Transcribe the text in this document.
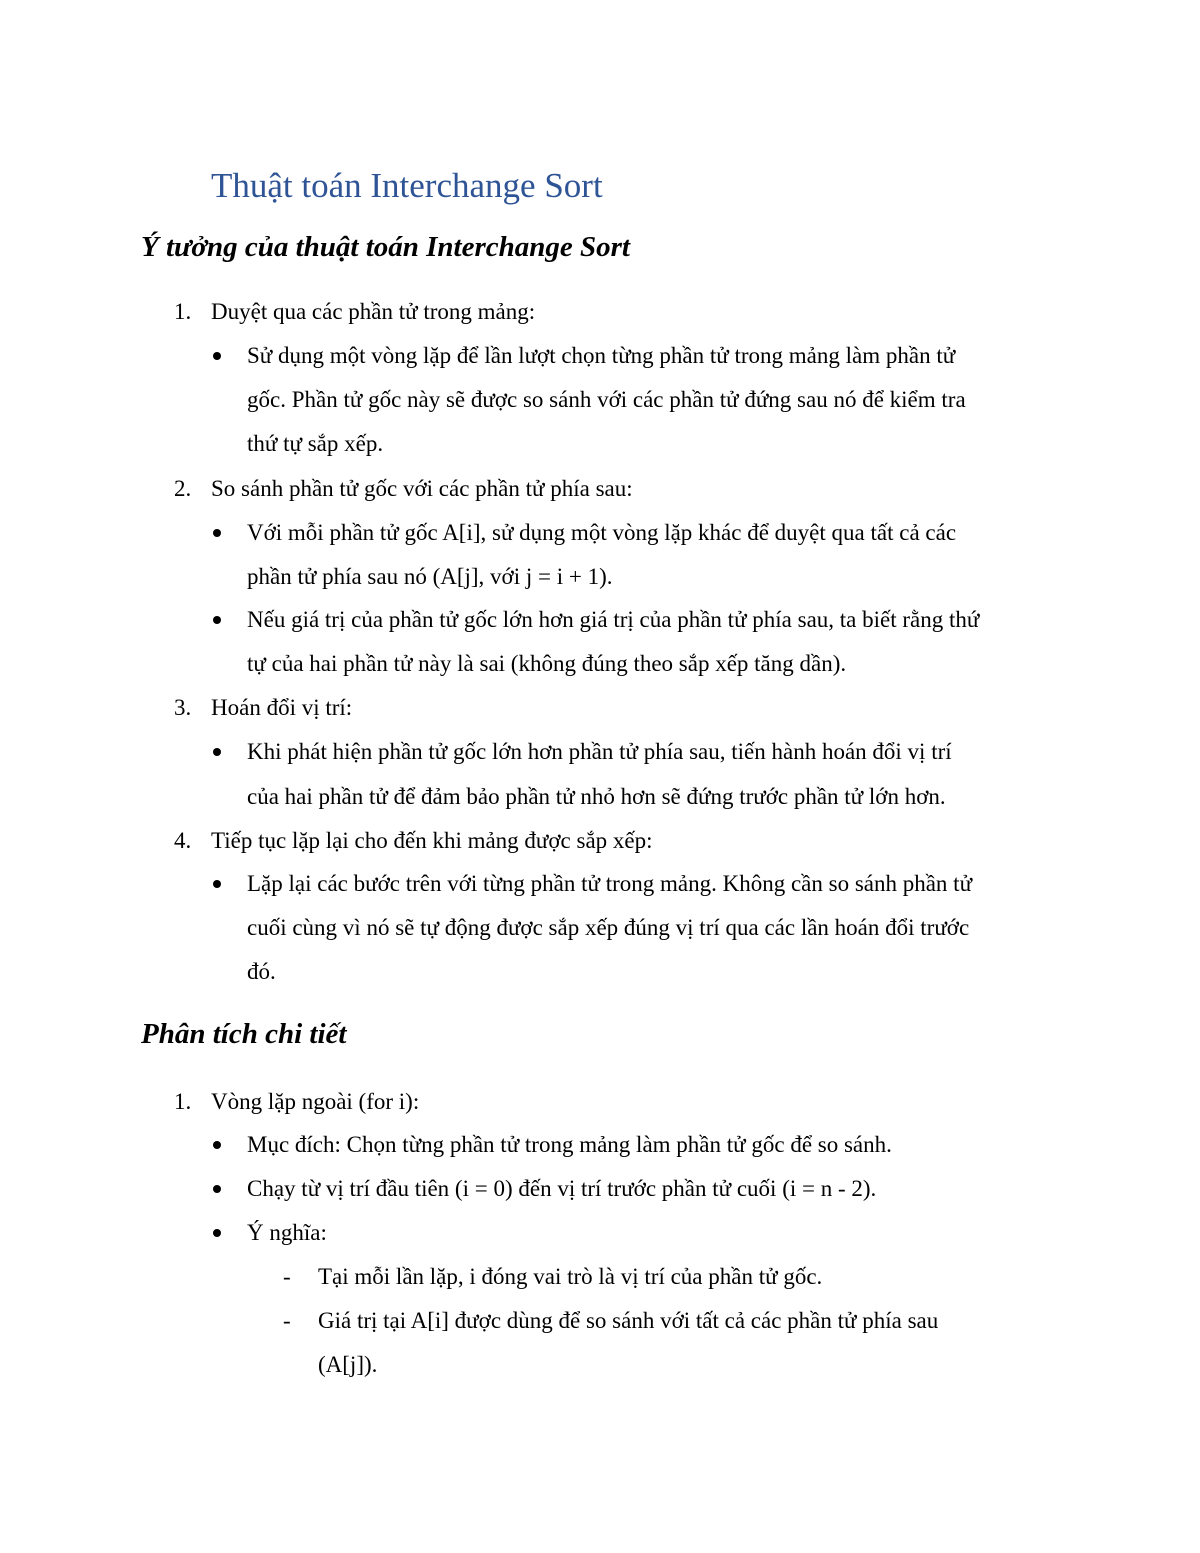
Thuật toán Interchange Sort
Ý tưởng của thuật toán Interchange Sort
1. Duyệt qua các phần tử trong mảng:
Sử dụng một vòng lặp để lần lượt chọn từng phần tử trong mảng làm phần tử
gốc. Phần tử gốc này sẽ được so sánh với các phần tử đứng sau nó để kiểm tra
thứ tự sắp xếp.
2. So sánh phần tử gốc với các phần tử phía sau:
Với mỗi phần tử gốc A[i], sử dụng một vòng lặp khác để duyệt qua tất cả các
phần tử phía sau nó (A[j], với j = i + 1).
Nếu giá trị của phần tử gốc lớn hơn giá trị của phần tử phía sau, ta biết rằng thứ
tự của hai phần tử này là sai (không đúng theo sắp xếp tăng dần).
3. Hoán đổi vị trí:
Khi phát hiện phần tử gốc lớn hơn phần tử phía sau, tiến hành hoán đổi vị trí
của hai phần tử để đảm bảo phần tử nhỏ hơn sẽ đứng trước phần tử lớn hơn.
4. Tiếp tục lặp lại cho đến khi mảng được sắp xếp:
Lặp lại các bước trên với từng phần tử trong mảng. Không cần so sánh phần tử
cuối cùng vì nó sẽ tự động được sắp xếp đúng vị trí qua các lần hoán đổi trước
đó.
Phân tích chi tiết
1. Vòng lặp ngoài (for i):
Mục đích: Chọn từng phần tử trong mảng làm phần tử gốc để so sánh.
Chạy từ vị trí đầu tiên (i = 0) đến vị trí trước phần tử cuối (i = n - 2).
Ý nghĩa:
- Tại mỗi lần lặp, i đóng vai trò là vị trí của phần tử gốc.
- Giá trị tại A[i] được dùng để so sánh với tất cả các phần tử phía sau
(A[j]).
